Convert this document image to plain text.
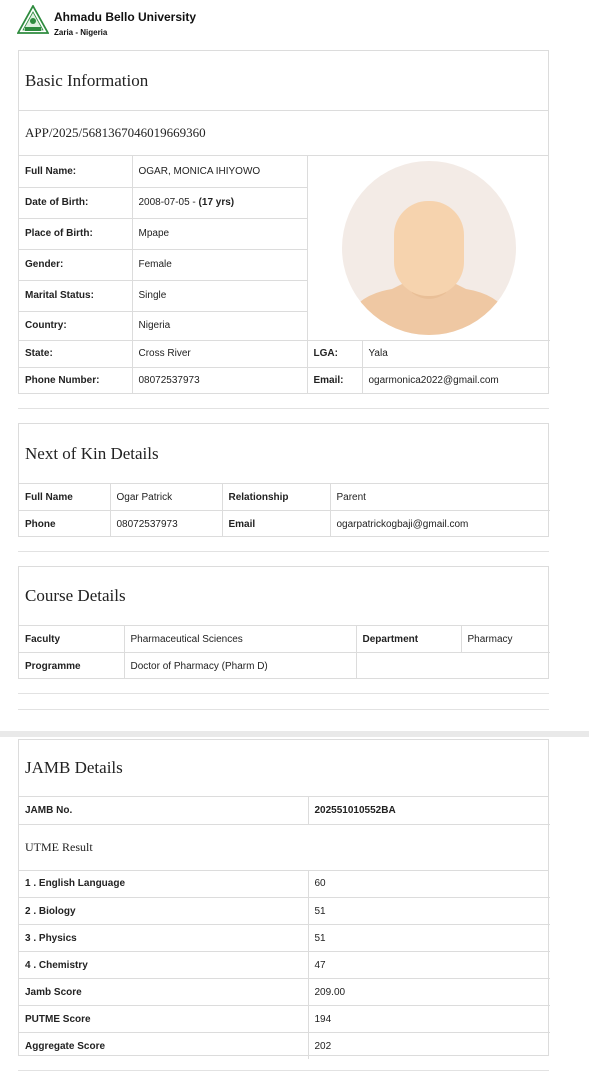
Ahmadu Bello University
Zaria - Nigeria
Basic Information
APP/2025/5681367046019669360
Full Name:	OGAR, MONICA IHIYOWO	

Date of Birth:	2008-07-05 - (17 yrs)		
Place of Birth:	Mpape		
Gender:	Female		
Marital Status:	Single		
Country:	Nigeria		
State:	Cross River	LGA:	Yala
Phone Number:	08072537973	Email:	ogarmonica2022@gmail.com
Next of Kin Details
Full Name	Ogar Patrick	Relationship	Parent
Phone	08072537973	Email	ogarpatrickogbaji@gmail.com
Course Details
Faculty	Pharmaceutical Sciences	Department	Pharmacy
Programme	Doctor of Pharmacy (Pharm D)		
JAMB Details
JAMB No.	202551010552BA
UTME Result
1 . English Language	60
2 . Biology	51
3 . Physics	51
4 . Chemistry	47
Jamb Score	209.00
PUTME Score	194
Aggregate Score	202
